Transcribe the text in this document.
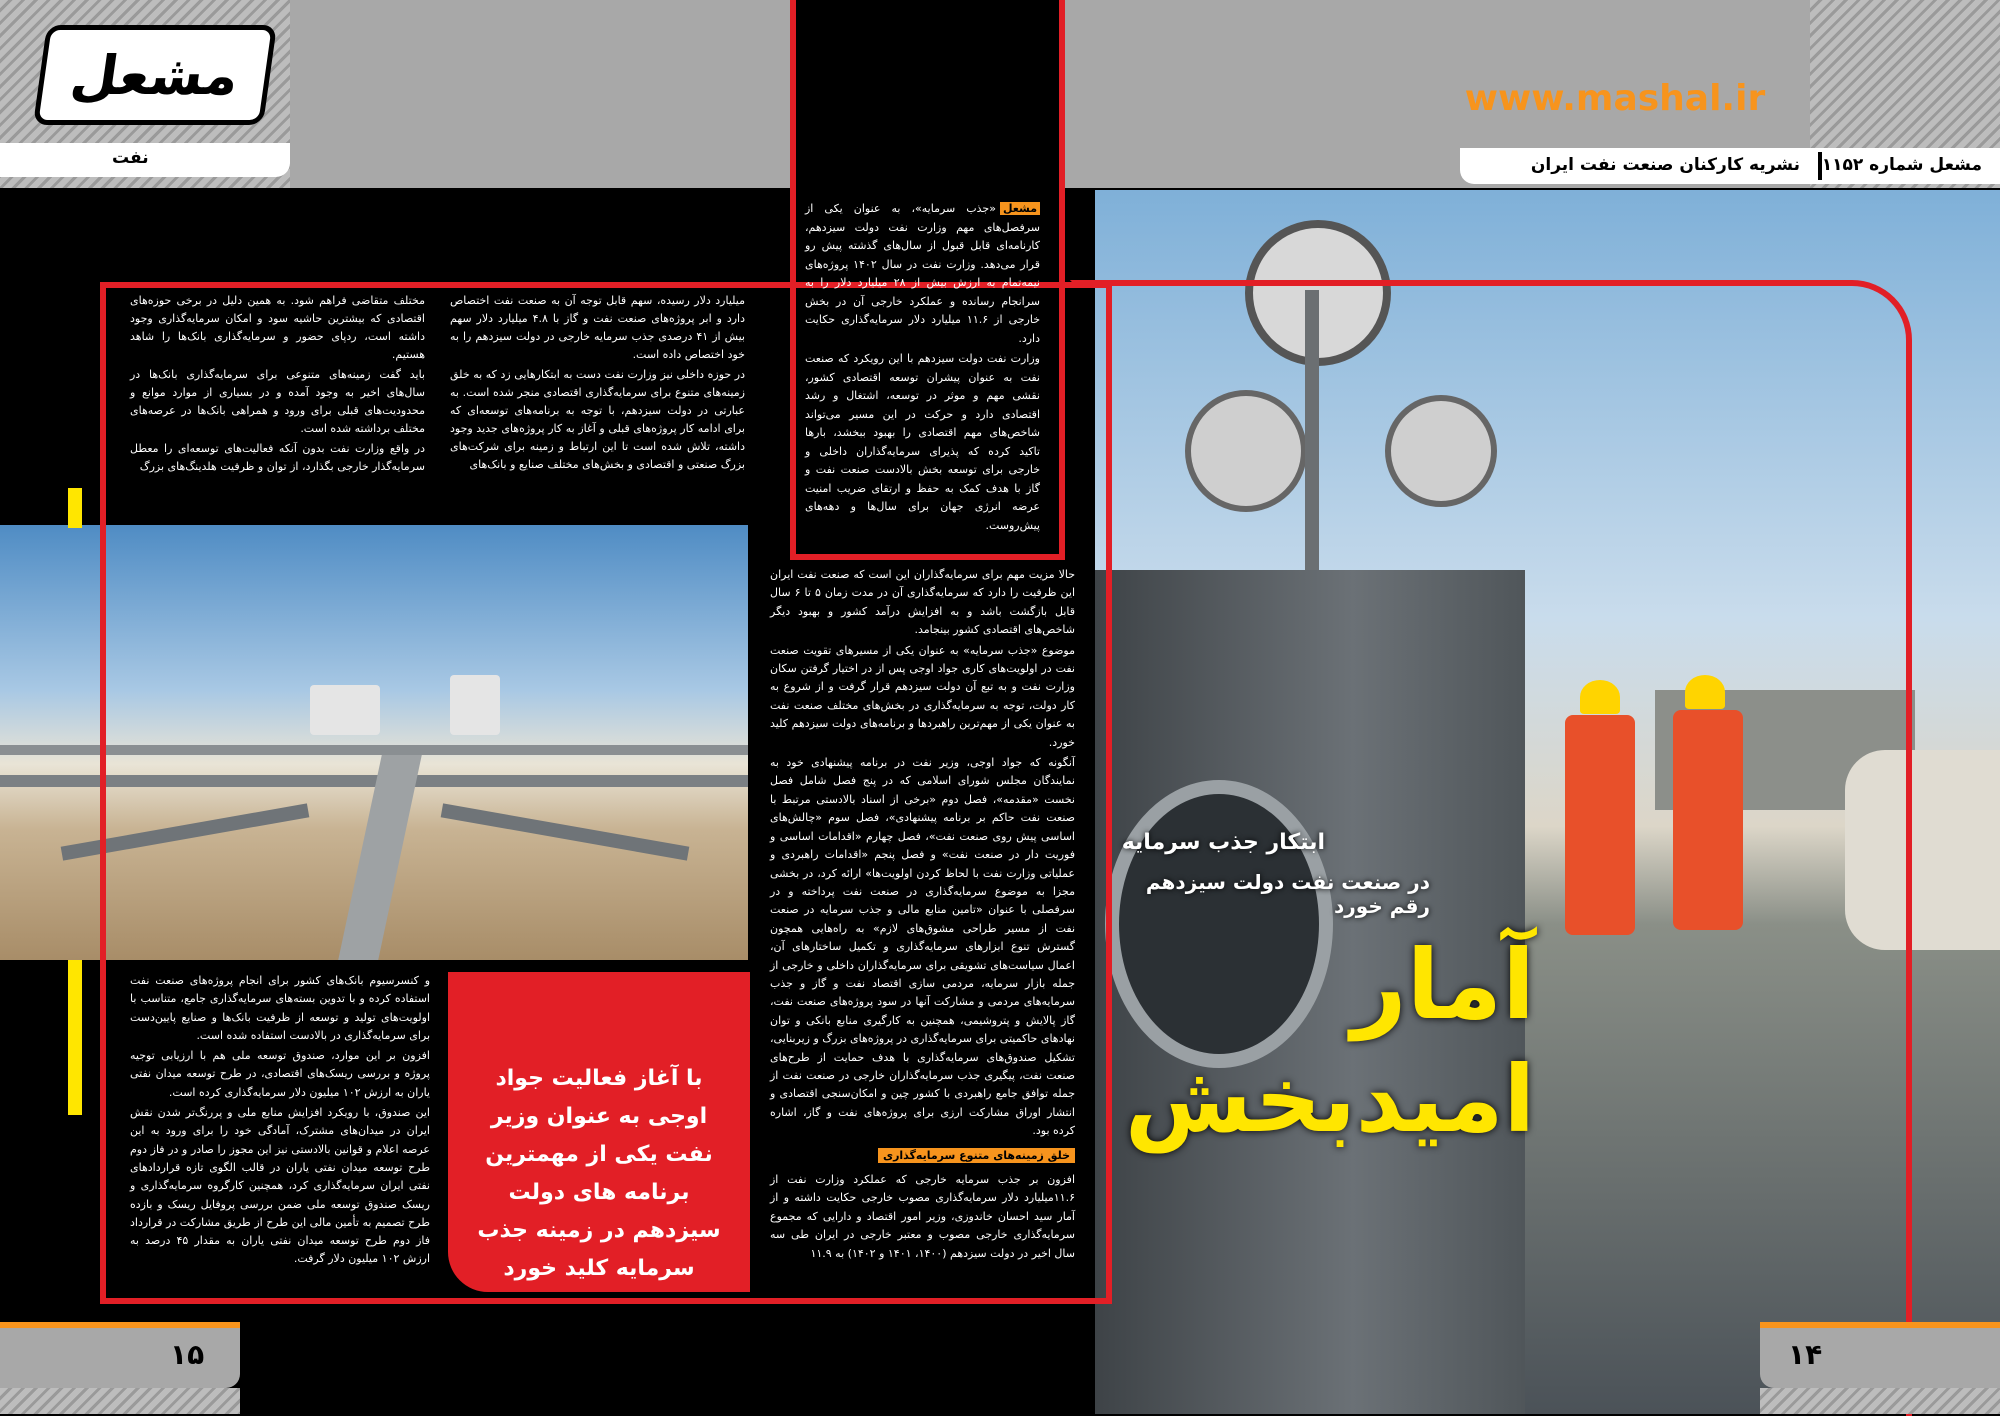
مشعل	www.mashal.ir
نفت	مشعل شماره ۱۱۵۲
نشریه کارکنان صنعت نفت ایران

مشعل«جذب سرمایه»، به عنوان یکی از سرفصل‌های مهم وزارت نفت دولت سیزدهم، کارنامه‌ای قابل قبول از سال‌های گذشته پیش رو قرار می‌دهد. وزارت نفت در سال ۱۴۰۲ پروژه‌های نیمه‌تمام به ارزش بیش از ۲۸ میلیارد دلار را به سرانجام رسانده و عملکرد خارجی آن در بخش خارجی از ۱۱.۶ میلیارد دلار سرمایه‌گذاری حکایت دارد.

وزارت نفت دولت سیزدهم با این رویکرد که صنعت نفت به عنوان پیشران توسعه اقتصادی کشور، نقشی مهم و موثر در توسعه، اشتغال و رشد اقتصادی دارد و حرکت در این مسیر می‌تواند شاخص‌های مهم اقتصادی را بهبود ببخشد، بارها تاکید کرده که پذیرای سرمایه‌گذاران داخلی و خارجی برای توسعه بخش بالادست صنعت نفت و گاز با هدف کمک به حفظ و ارتقای ضریب امنیت عرضه انرژی جهان برای سال‌ها و دهه‌های پیش‌روست.

حالا مزیت مهم برای سرمایه‌گذاران این است که صنعت نفت ایران این ظرفیت را دارد که سرمایه‌گذاری آن در مدت زمان ۵ تا ۶ سال قابل بازگشت باشد و به افزایش درآمد کشور و بهبود دیگر شاخص‌های اقتصادی کشور بینجامد.

موضوع «جذب سرمایه» به عنوان یکی از مسیرهای تقویت صنعت نفت در اولویت‌های کاری جواد اوجی پس از در اختیار گرفتن سکان وزارت نفت و به تبع آن دولت سیزدهم قرار گرفت و از شروع به کار دولت، توجه به سرمایه‌گذاری در بخش‌های مختلف صنعت نفت به عنوان یکی از مهم‌ترین راهبردها و برنامه‌های دولت سیزدهم کلید خورد.

آنگونه که جواد اوجی، وزیر نفت در برنامه پیشنهادی خود به نمایندگان مجلس شورای اسلامی که در پنج فصل شامل فصل نخست «مقدمه»، فصل دوم «برخی از اسناد بالادستی مرتبط با صنعت نفت حاکم بر برنامه پیشنهادی»، فصل سوم «چالش‌های اساسی پیش روی صنعت نفت»، فصل چهارم «اقدامات اساسی و فوریت دار در صنعت نفت» و فصل پنجم «اقدامات راهبردی و عملیاتی وزارت نفت با لحاظ کردن اولویت‌ها» ارائه کرد، در بخشی مجزا به موضوع سرمایه‌گذاری در صنعت نفت پرداخته و در سرفصلی با عنوان «تامین منابع مالی و جذب سرمایه در صنعت نفت از مسیر طراحی مشوق‌های لازم» به راه‌هایی همچون گسترش تنوع ابزارهای سرمایه‌گذاری و تکمیل ساختارهای آن، اعمال سیاست‌های تشویقی برای سرمایه‌گذاران داخلی و خارجی از جمله بازار سرمایه، مردمی سازی اقتصاد نفت و گاز و جذب سرمایه‌های مردمی و مشارکت آنها در سود پروژه‌های صنعت نفت، گاز پالایش و پتروشیمی، همچنین به کارگیری منابع بانکی و توان نهادهای حاکمیتی برای سرمایه‌گذاری در پروژه‌های بزرگ و زیربنایی، تشکیل صندوق‌های سرمایه‌گذاری با هدف حمایت از طرح‌های صنعت نفت، پیگیری جذب سرمایه‌گذاران خارجی در صنعت نفت از جمله توافق جامع راهبردی با کشور چین و امکان‌سنجی اقتصادی و انتشار اوراق مشارکت ارزی برای پروژه‌های نفت و گاز، اشاره کرده بود.

خلق زمینه‌های متنوع سرمایه‌گذاری

افزون بر جذب سرمایه خارجی که عملکرد وزارت نفت از ۱۱.۶میلیارد دلار سرمایه‌گذاری مصوب خارجی حکایت داشته و از آمار سید احسان خاندوزی، وزیر امور اقتصاد و دارایی که مجموع سرمایه‌گذاری خارجی مصوب و معتبر خارجی در ایران طی سه سال اخیر در دولت سیزدهم (۱۴۰۰، ۱۴۰۱ و ۱۴۰۲) به ۱۱.۹

میلیارد دلار رسیده، سهم قابل توجه آن به صنعت نفت اختصاص دارد و ابر پروژه‌های صنعت نفت و گاز با ۴.۸ میلیارد دلار سهم بیش از ۴۱ درصدی جذب سرمایه خارجی در دولت سیزدهم را به خود اختصاص داده است.

در حوزه داخلی نیز وزارت نفت دست به ابتکارهایی زد که به خلق زمینه‌های متنوع برای سرمایه‌گذاری اقتصادی منجر شده است. به عبارتی در دولت سیزدهم، با توجه به برنامه‌های توسعه‌ای که برای ادامه کار پروژه‌های قبلی و آغاز به کار پروژه‌های جدید وجود داشته، تلاش شده است تا این ارتباط و زمینه برای شرکت‌های بزرگ صنعتی و اقتصادی و بخش‌های مختلف صنایع و بانک‌های

مختلف متقاضی فراهم شود. به همین دلیل در برخی حوزه‌های اقتصادی که بیشترین حاشیه سود و امکان سرمایه‌گذاری وجود داشته است، ردپای حضور و سرمایه‌گذاری بانک‌ها را شاهد هستیم.

باید گفت زمینه‌های متنوعی برای سرمایه‌گذاری بانک‌ها در سال‌های اخیر به وجود آمده و در بسیاری از موارد موانع و محدودیت‌های قبلی برای ورود و همراهی بانک‌ها در عرصه‌های مختلف برداشته شده است.

در واقع وزارت نفت بدون آنکه فعالیت‌های توسعه‌ای را معطل سرمایه‌گذار خارجی بگذارد، از توان و ظرفیت هلدینگ‌های بزرگ

و کنسرسیوم بانک‌های کشور برای انجام پروژه‌های صنعت نفت استفاده کرده و با تدوین بسته‌های سرمایه‌گذاری جامع، متناسب با اولویت‌های تولید و توسعه از ظرفیت بانک‌ها و صنایع پایین‌دست برای سرمایه‌گذاری در بالادست استفاده شده است.

افزون بر این موارد، صندوق توسعه ملی هم با ارزیابی توجیه پروژه و بررسی ریسک‌های اقتصادی، در طرح توسعه میدان نفتی یاران به ارزش ۱۰۲ میلیون دلار سرمایه‌گذاری کرده است.

این صندوق، با رویکرد افزایش منابع ملی و پررنگ‌تر شدن نقش ایران در میدان‌های مشترک، آمادگی خود را برای ورود به این عرصه اعلام و قوانین بالادستی نیز این مجوز را صادر و در فاز دوم طرح توسعه میدان نفتی یاران در قالب الگوی تازه قراردادهای نفتی ایران سرمایه‌گذاری کرد، همچنین کارگروه سرمایه‌گذاری و ریسک صندوق توسعه ملی ضمن بررسی پروفایل ریسک و بازده طرح تصمیم به تأمین مالی این طرح از طریق مشارکت در قرارداد فاز دوم طرح توسعه میدان نفتی یاران به مقدار ۴۵ درصد به ارزش ۱۰۲ میلیون دلار گرفت.

با آغاز فعالیت جواد اوجی به عنوان وزیر نفت یکی از مهمترین برنامه های دولت سیزدهم در زمینه جذب سرمایه کلید خورد
ابتکار جذب سرمایه
در صنعت نفت دولت سیزدهم رقم خورد
آمار
امیدبخش
۱۵	۱۴
